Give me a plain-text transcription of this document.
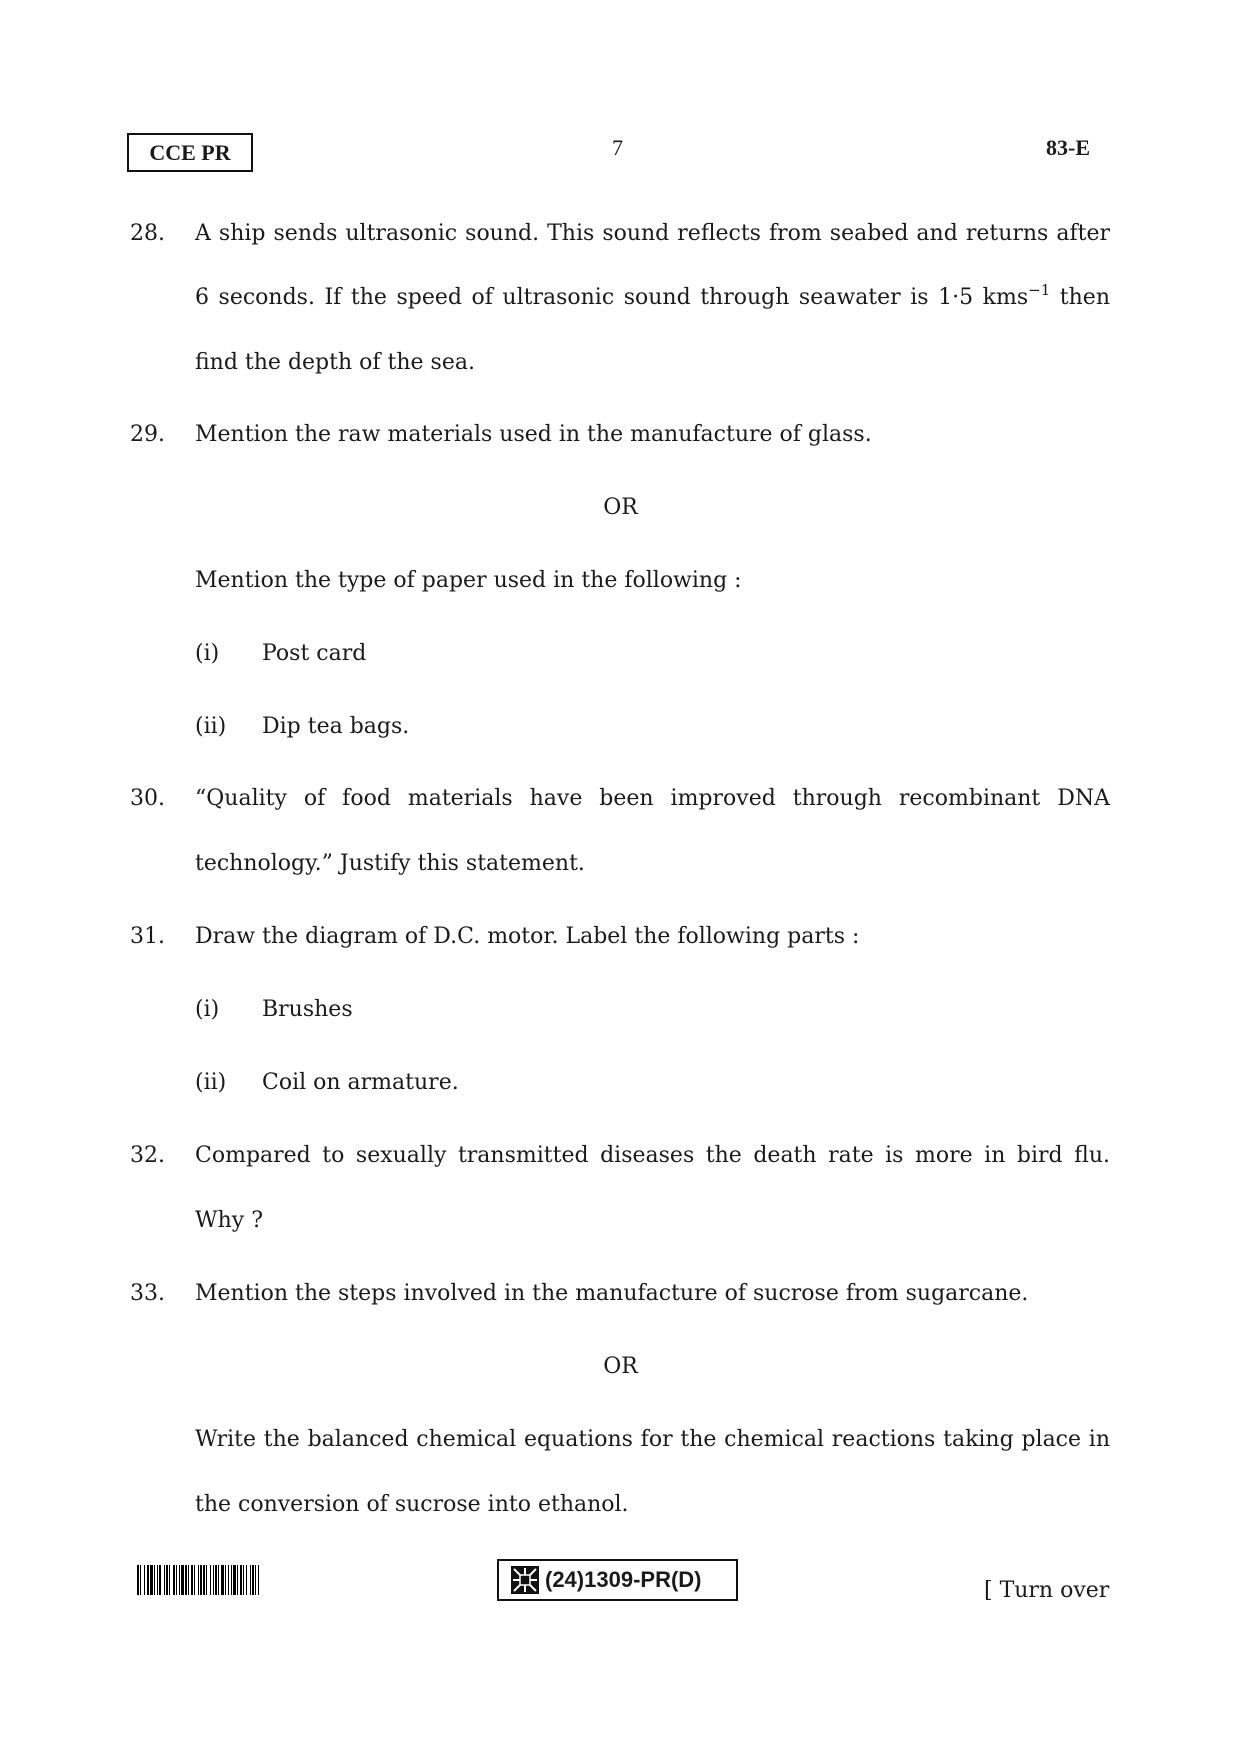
CCE PR	7	83-E
28. A ship sends ultrasonic sound. This sound reflects from seabed and returns after
6 seconds. If the speed of ultrasonic sound through seawater is 1·5 kms$^{-1}$ then
find the depth of the sea.
29. Mention the raw materials used in the manufacture of glass.
OR
Mention the type of paper used in the following :
(i) Post card
(ii) Dip tea bags.
30. “Quality of food materials have been improved through recombinant DNA
technology.” Justify this statement.
31. Draw the diagram of D.C. motor. Label the following parts :
(i) Brushes
(ii) Coil on armature.
32. Compared to sexually transmitted diseases the death rate is more in bird flu.
Why ?
33. Mention the steps involved in the manufacture of sucrose from sugarcane.
OR
Write the balanced chemical equations for the chemical reactions taking place in
the conversion of sucrose into ethanol.
(24)1309-PR(D)	[ Turn over
